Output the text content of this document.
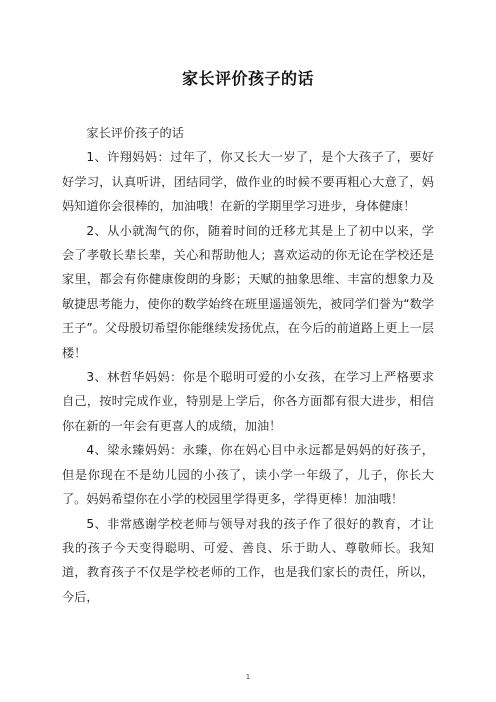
家长评价孩子的话

家长评价孩子的话

1、许翔妈妈：过年了，你又长大一岁了，是个大孩子了，要好好学习，认真听讲，团结同学，做作业的时候不要再粗心大意了，妈妈知道你会很棒的，加油哦！在新的学期里学习进步，身体健康！

2、从小就淘气的你，随着时间的迁移尤其是上了初中以来，学会了孝敬长辈长辈，关心和帮助他人；喜欢运动的你无论在学校还是家里，都会有你健康俊朗的身影；天赋的抽象思维、丰富的想象力及敏捷思考能力，使你的数学始终在班里遥遥领先，被同学们誉为“数学王子”。父母殷切希望你能继续发扬优点，在今后的前道路上更上一层楼！

3、林哲华妈妈：你是个聪明可爱的小女孩，在学习上严格要求自己，按时完成作业，特别是上学后，你各方面都有很大进步，相信你在新的一年会有更喜人的成绩，加油！

4、梁永臻妈妈：永臻，你在妈心目中永远都是妈妈的好孩子，但是你现在不是幼儿园的小孩了，读小学一年级了，儿子，你长大了。妈妈希望你在小学的校园里学得更多，学得更棒！加油哦！

5、非常感谢学校老师与领导对我的孩子作了很好的教育，才让我的孩子今天变得聪明、可爱、善良、乐于助人、尊敬师长。我知道，教育孩子不仅是学校老师的工作，也是我们家长的责任，所以，今后，

1
